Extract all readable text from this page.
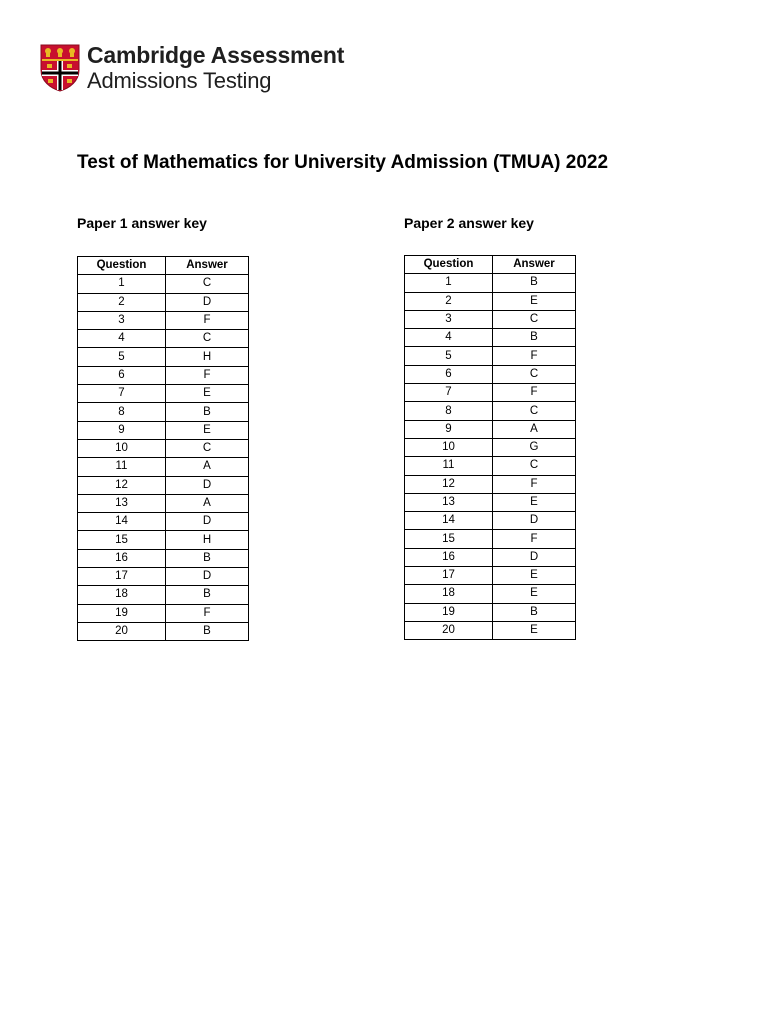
Cambridge Assessment
Admissions Testing
Test of Mathematics for University Admission (TMUA) 2022
Paper 1 answer key
Question	Answer
1	C
2	D
3	F
4	C
5	H
6	F
7	E
8	B
9	E
10	C
11	A
12	D
13	A
14	D
15	H
16	B
17	D
18	B
19	F
20	B
Paper 2 answer key
Question	Answer
1	B
2	E
3	C
4	B
5	F
6	C
7	F
8	C
9	A
10	G
11	C
12	F
13	E
14	D
15	F
16	D
17	E
18	E
19	B
20	E
